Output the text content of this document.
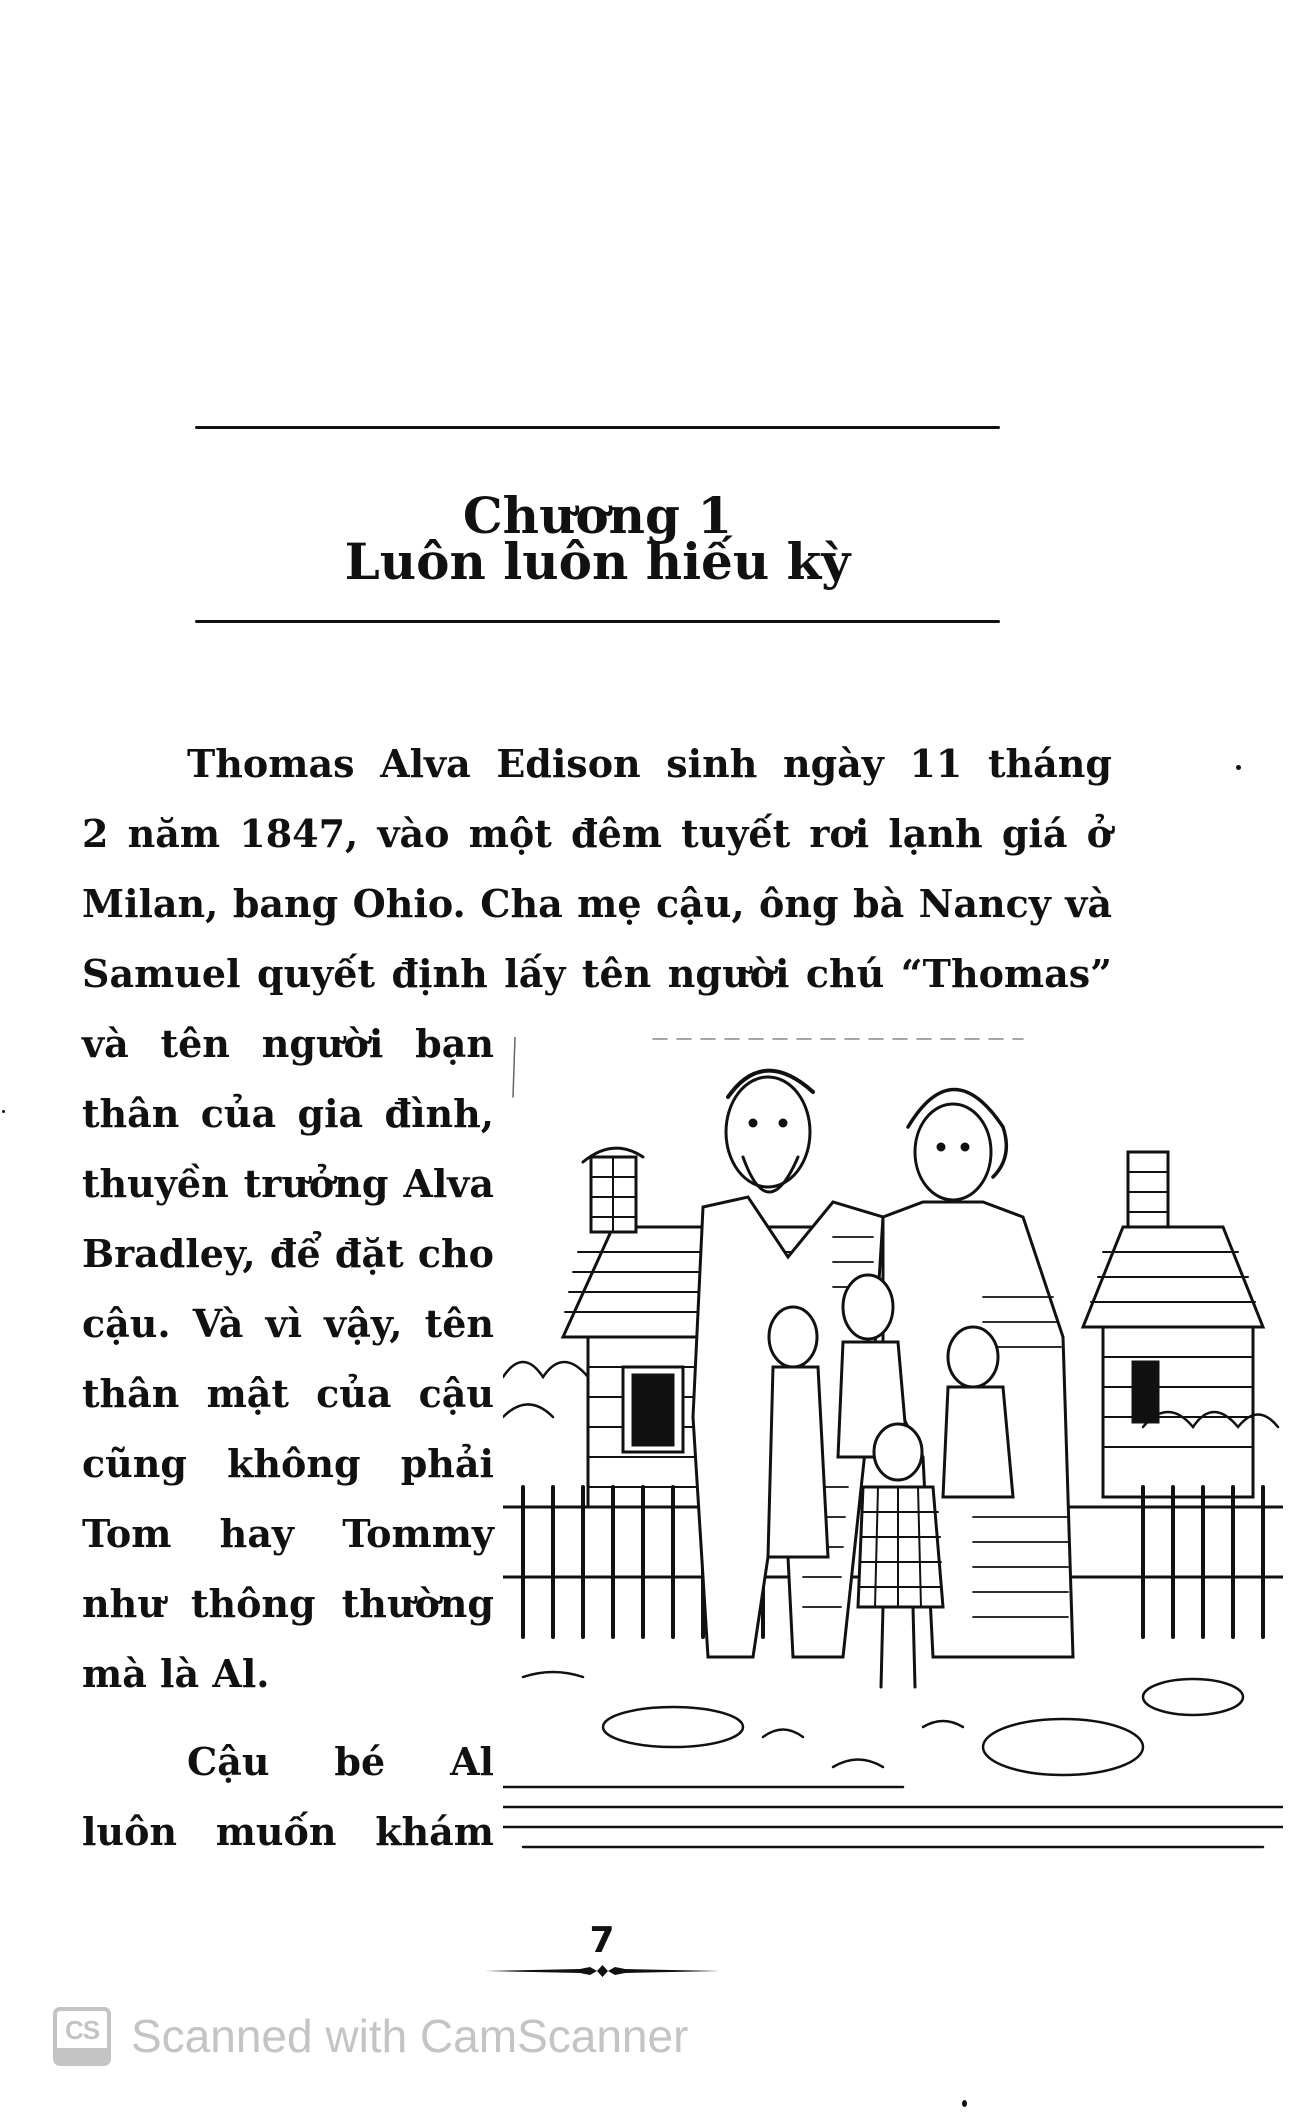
Chương 1
Luôn luôn hiếu kỳ
Thomas Alva Edison sinh ngày 11 tháng
2 năm 1847, vào một đêm tuyết rơi lạnh giá ở
Milan, bang Ohio. Cha mẹ cậu, ông bà Nancy và
Samuel quyết định lấy tên người chú “Thomas”
và tên người bạn
thân của gia đình,
thuyền trưởng Alva
Bradley, để đặt cho
cậu. Và vì vậy, tên
thân mật của cậu
cũng không phải
Tom hay Tommy
như thông thường
mà là Al.
Cậu bé Al
luôn muốn khám
7
CS Scanned with CamScanner
